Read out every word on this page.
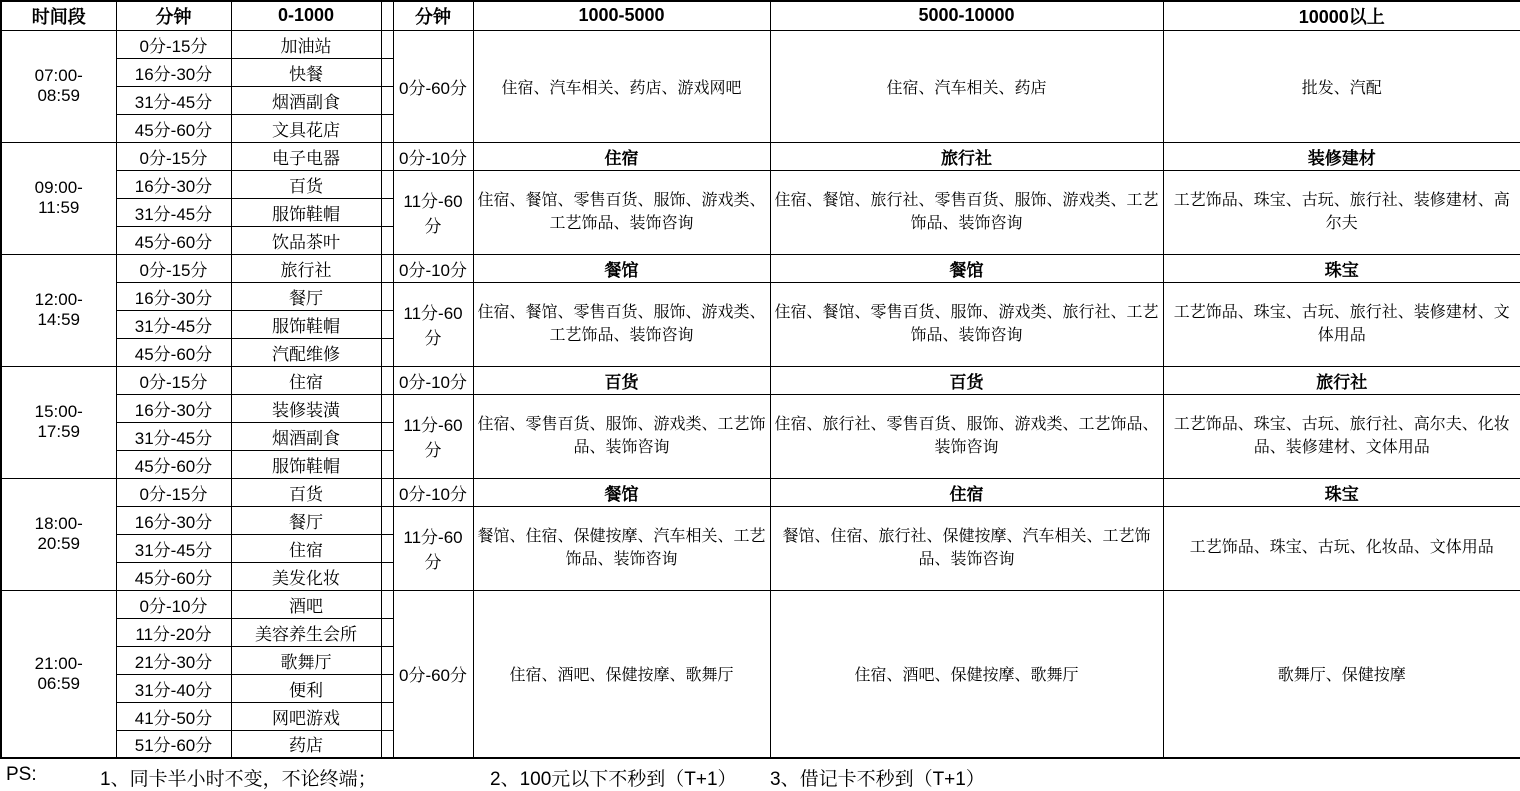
时间段	分钟	0-1000		分钟	1000-5000	5000-10000	10000以上
07:00-
08:59	0分-15分	加油站		0分-60分	住宿、汽车相关、药店、游戏网吧	住宿、汽车相关、药店	批发、汽配
	16分-30分	快餐					
	31分-45分	烟酒副食					
	45分-60分	文具花店					
09:00-
11:59	0分-15分	电子电器		0分-10分	住宿	旅行社	装修建材
	16分-30分	百货		11分-60分	住宿、餐馆、零售百货、服饰、游戏类、工艺饰品、装饰咨询	住宿、餐馆、旅行社、零售百货、服饰、游戏类、工艺饰品、装饰咨询	工艺饰品、珠宝、古玩、旅行社、装修建材、高尔夫
	31分-45分	服饰鞋帽					
	45分-60分	饮品茶叶					
12:00-
14:59	0分-15分	旅行社		0分-10分	餐馆	餐馆	珠宝
	16分-30分	餐厅		11分-60分	住宿、餐馆、零售百货、服饰、游戏类、工艺饰品、装饰咨询	住宿、餐馆、零售百货、服饰、游戏类、旅行社、工艺饰品、装饰咨询	工艺饰品、珠宝、古玩、旅行社、装修建材、文体用品
	31分-45分	服饰鞋帽					
	45分-60分	汽配维修					
15:00-
17:59	0分-15分	住宿		0分-10分	百货	百货	旅行社
	16分-30分	装修装潢		11分-60分	住宿、零售百货、服饰、游戏类、工艺饰品、装饰咨询	住宿、旅行社、零售百货、服饰、游戏类、工艺饰品、装饰咨询	工艺饰品、珠宝、古玩、旅行社、高尔夫、化妆品、装修建材、文体用品
	31分-45分	烟酒副食					
	45分-60分	服饰鞋帽					
18:00-
20:59	0分-15分	百货		0分-10分	餐馆	住宿	珠宝
	16分-30分	餐厅		11分-60分	餐馆、住宿、保健按摩、汽车相关、工艺饰品、装饰咨询	餐馆、住宿、旅行社、保健按摩、汽车相关、工艺饰品、装饰咨询	工艺饰品、珠宝、古玩、化妆品、文体用品
	31分-45分	住宿					
	45分-60分	美发化妆					
21:00-
06:59	0分-10分	酒吧		0分-60分	住宿、酒吧、保健按摩、歌舞厅	住宿、酒吧、保健按摩、歌舞厅	歌舞厅、保健按摩
	11分-20分	美容养生会所					
	21分-30分	歌舞厅					
	31分-40分	便利					
	41分-50分	网吧游戏					
	51分-60分	药店					
PS:	1、同卡半小时不变，不论终端；	2、100元以下不秒到（T+1） 3、借记卡不秒到（T+1）
